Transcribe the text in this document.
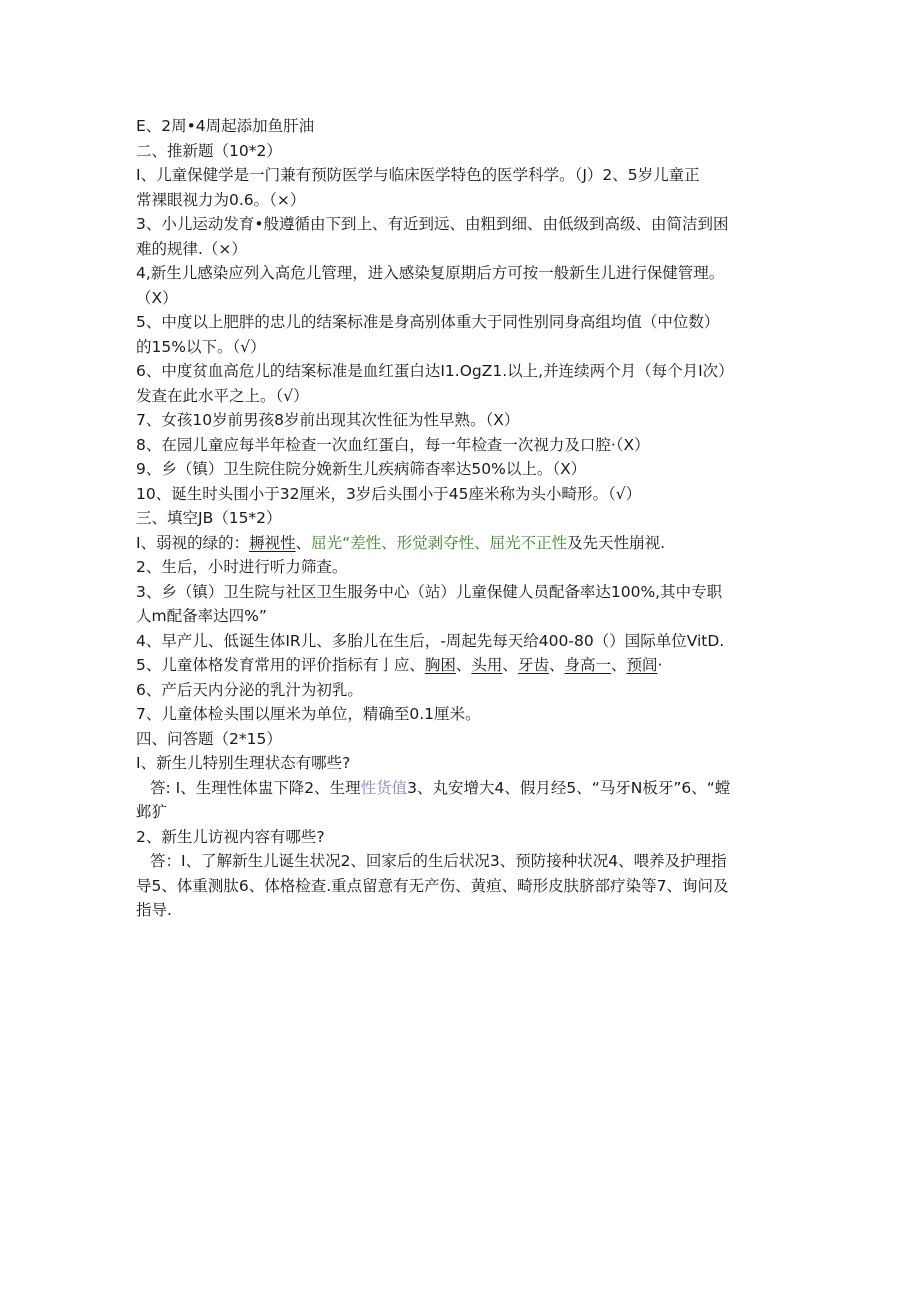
E、2周•4周起添加鱼肝油
二、推新题（10*2）
I、儿童保健学是一门兼有预防医学与临床医学特色的医学科学。（J）2、5岁儿童正
常裸眼视力为0.6。（×）
3、小儿运动发育•般遵循由下到上、有近到远、由粗到细、由低级到高级、由简洁到困
难的规律.（×）
4,新生儿感染应列入高危儿管理，进入感染复原期后方可按一般新生儿进行保健管理。
（X）
5、中度以上肥胖的忠儿的结案标准是身高别体重大于同性别同身高组均值（中位数）
的15%以下。（√）
6、中度贫血高危儿的结案标准是血红蛋白达I1.OgZ1.以上,并连续两个月（每个月I次）
发查在此水平之上。（√）
7、女孩10岁前男孩8岁前出现其次性征为性早熟。（X）
8、在园儿童应每半年检查一次血红蛋白，每一年检查一次视力及口腔·（X）
9、乡（镇）卫生院住院分娩新生儿疾病筛杳率达50%以上。（X）
10、诞生时头围小于32厘米，3岁后头围小于45座米称为头小畸形。（√）
三、填空JB（15*2）
I、弱视的绿的：耨视性、屈光“差性、形觉剥夺性、屈光不正性及先天性崩视.
2、生后，小时进行听力筛查。
3、乡（镇）卫生院与社区卫生服务中心（站）儿童保健人员配备率达100%,其中专职
人m配备率达四%”
4、早产儿、低诞生体IR儿、多胎儿在生后，-周起先每天给400-80（）国际单位VitD.
5、儿童体格发育常用的评价指标有亅应、胸困、头用、牙齿、身高一、预闾·
6、产后天内分泌的乳汁为初乳。
7、儿童体检头围以厘米为单位，精确至0.1厘米。
四、问答题（2*15）
I、新生儿特别生理状态有哪些?
答: I、生理性体盅下降2、生理性货值3、丸安增大4、假月经5、“马牙N板牙”6、“螳
邺犷
2、新生儿访视内容有哪些?
答：I、了解新生儿诞生状况2、回家后的生后状况3、预防接种状况4、喂养及护理指
导5、体重测肽6、体格检查.重点留意有无产伤、黄疸、畸形皮肤脐部疗染等7、询问及
指导.
